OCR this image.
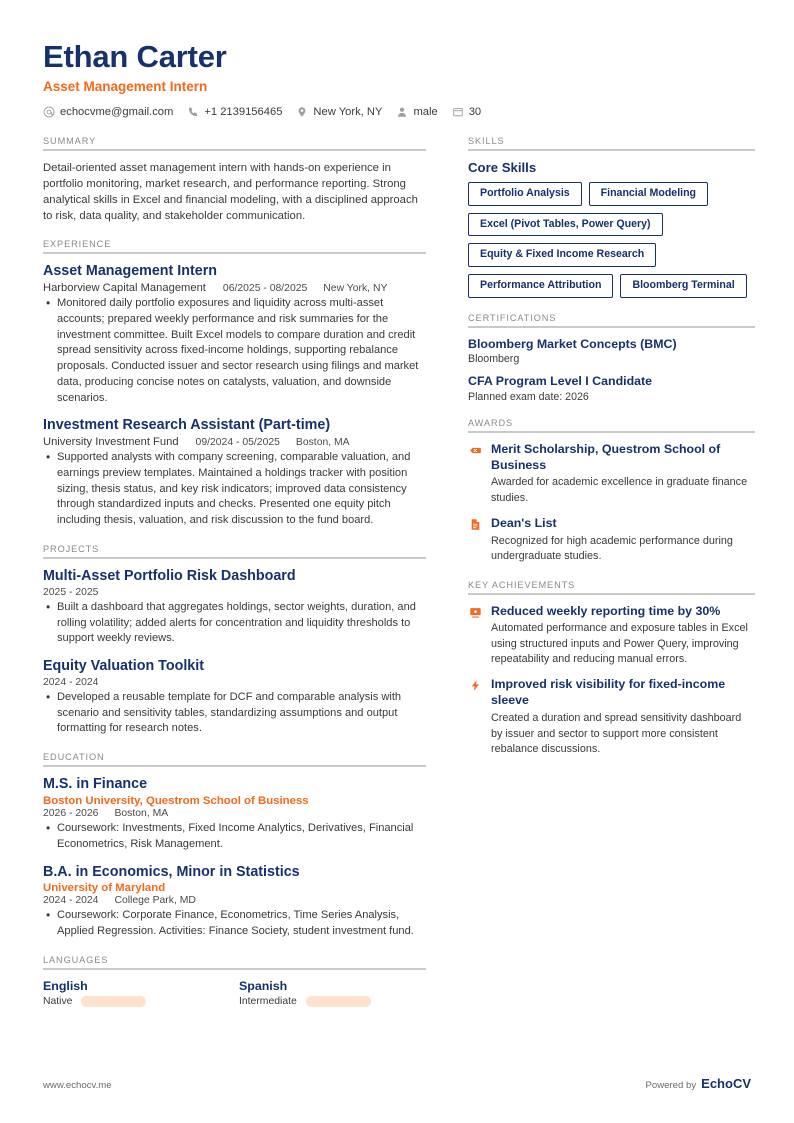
Ethan Carter
Asset Management Intern
echocvme@gmail.com	+1 2139156465	New York, NY	male	30
SUMMARY
Detail-oriented asset management intern with hands-on experience in portfolio monitoring, market research, and performance reporting. Strong analytical skills in Excel and financial modeling, with a disciplined approach to risk, data quality, and stakeholder communication.
EXPERIENCE
Asset Management Intern
Harborview Capital Management 06/2025 - 08/2025 New York, NY
• Monitored daily portfolio exposures and liquidity across multi-asset accounts; prepared weekly performance and risk summaries for the investment committee. Built Excel models to compare duration and credit spread sensitivity across fixed-income holdings, supporting rebalance proposals. Conducted issuer and sector research using filings and market data, producing concise notes on catalysts, valuation, and downside scenarios.
Investment Research Assistant (Part-time)
University Investment Fund 09/2024 - 05/2025 Boston, MA
• Supported analysts with company screening, comparable valuation, and earnings preview templates. Maintained a holdings tracker with position sizing, thesis status, and key risk indicators; improved data consistency through standardized inputs and checks. Presented one equity pitch including thesis, valuation, and risk discussion to the fund board.
PROJECTS
Multi-Asset Portfolio Risk Dashboard
2025 - 2025
• Built a dashboard that aggregates holdings, sector weights, duration, and rolling volatility; added alerts for concentration and liquidity thresholds to support weekly reviews.
Equity Valuation Toolkit
2024 - 2024
• Developed a reusable template for DCF and comparable analysis with scenario and sensitivity tables, standardizing assumptions and output formatting for research notes.
EDUCATION
M.S. in Finance
Boston University, Questrom School of Business
2026 - 2026 Boston, MA
• Coursework: Investments, Fixed Income Analytics, Derivatives, Financial Econometrics, Risk Management.
B.A. in Economics, Minor in Statistics
University of Maryland
2024 - 2024 College Park, MD
• Coursework: Corporate Finance, Econometrics, Time Series Analysis, Applied Regression. Activities: Finance Society, student investment fund.
LANGUAGES
English
Native
Spanish
Intermediate
SKILLS
Core Skills
Portfolio Analysis	Financial Modeling
Excel (Pivot Tables, Power Query)
Equity & Fixed Income Research
Performance Attribution	Bloomberg Terminal
CERTIFICATIONS
Bloomberg Market Concepts (BMC)
Bloomberg
CFA Program Level I Candidate
Planned exam date: 2026
AWARDS
Merit Scholarship, Questrom School of Business
Awarded for academic excellence in graduate finance studies.
Dean's List
Recognized for high academic performance during undergraduate studies.
KEY ACHIEVEMENTS
Reduced weekly reporting time by 30%
Automated performance and exposure tables in Excel using structured inputs and Power Query, improving repeatability and reducing manual errors.
Improved risk visibility for fixed-income sleeve
Created a duration and spread sensitivity dashboard by issuer and sector to support more consistent rebalance discussions.
www.echocv.me	Powered by EchoCV
